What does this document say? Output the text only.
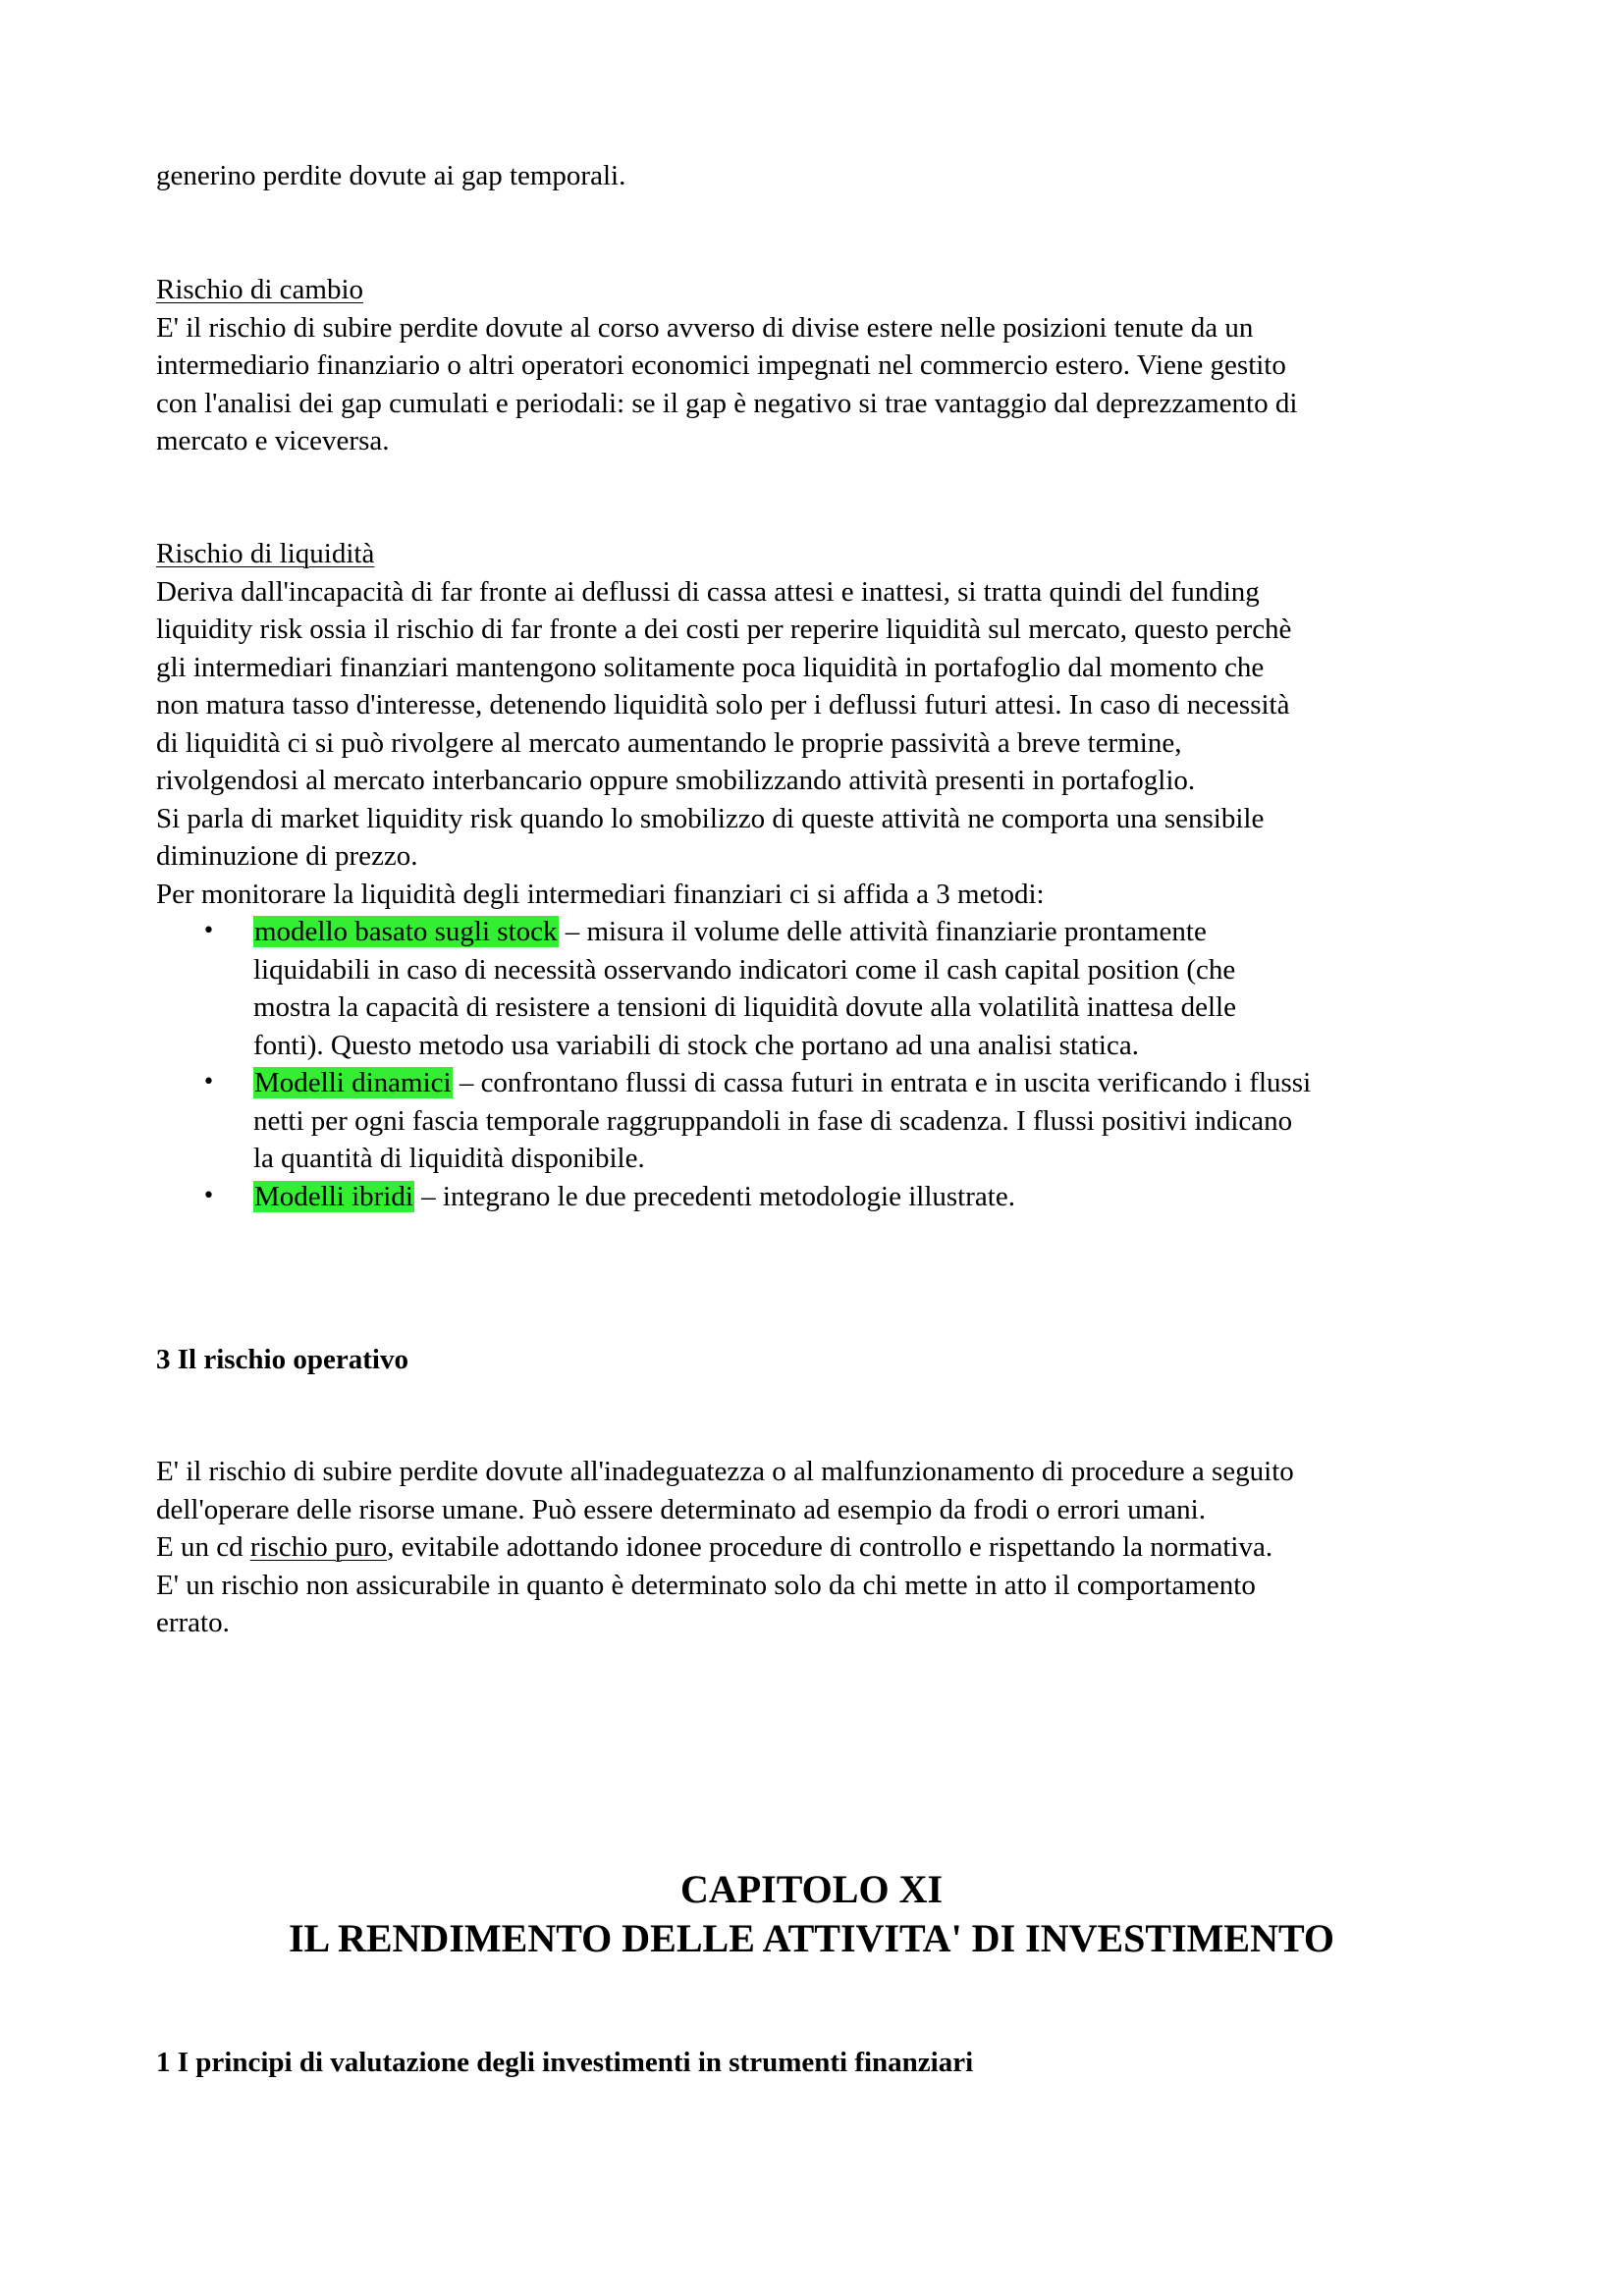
generino perdite dovute ai gap temporali.
Rischio di cambio
E' il rischio di subire perdite dovute al corso avverso di divise estere nelle posizioni tenute da un
intermediario finanziario o altri operatori economici impegnati nel commercio estero. Viene gestito
con l'analisi dei gap cumulati e periodali: se il gap è negativo si trae vantaggio dal deprezzamento di
mercato e viceversa.
Rischio di liquidità
Deriva dall'incapacità di far fronte ai deflussi di cassa attesi e inattesi, si tratta quindi del funding
liquidity risk ossia il rischio di far fronte a dei costi per reperire liquidità sul mercato, questo perchè
gli intermediari finanziari mantengono solitamente poca liquidità in portafoglio dal momento che
non matura tasso d'interesse, detenendo liquidità solo per i deflussi futuri attesi. In caso di necessità
di liquidità ci si può rivolgere al mercato aumentando le proprie passività a breve termine,
rivolgendosi al mercato interbancario oppure smobilizzando attività presenti in portafoglio.
Si parla di market liquidity risk quando lo smobilizzo di queste attività ne comporta una sensibile
diminuzione di prezzo.
Per monitorare la liquidità degli intermediari finanziari ci si affida a 3 metodi:
• modello basato sugli stock – misura il volume delle attività finanziarie prontamente
liquidabili in caso di necessità osservando indicatori come il cash capital position (che
mostra la capacità di resistere a tensioni di liquidità dovute alla volatilità inattesa delle
fonti). Questo metodo usa variabili di stock che portano ad una analisi statica.
• Modelli dinamici – confrontano flussi di cassa futuri in entrata e in uscita verificando i flussi
netti per ogni fascia temporale raggruppandoli in fase di scadenza. I flussi positivi indicano
la quantità di liquidità disponibile.
• Modelli ibridi – integrano le due precedenti metodologie illustrate.
3 Il rischio operativo
E' il rischio di subire perdite dovute all'inadeguatezza o al malfunzionamento di procedure a seguito
dell'operare delle risorse umane. Può essere determinato ad esempio da frodi o errori umani.
E un cd rischio puro, evitabile adottando idonee procedure di controllo e rispettando la normativa.
E' un rischio non assicurabile in quanto è determinato solo da chi mette in atto il comportamento
errato.
CAPITOLO XI
IL RENDIMENTO DELLE ATTIVITA' DI INVESTIMENTO
1 I principi di valutazione degli investimenti in strumenti finanziari
